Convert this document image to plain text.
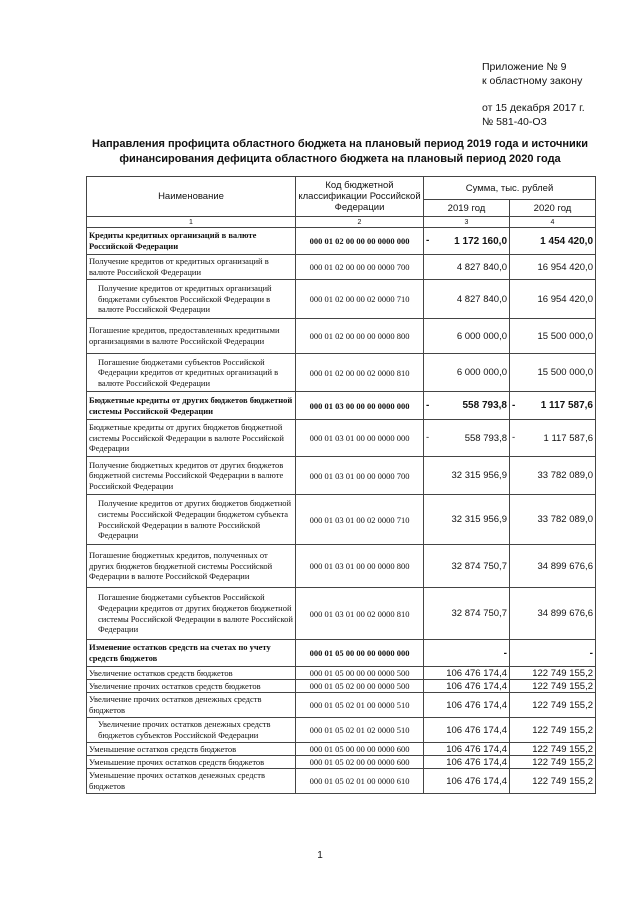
Приложение № 9
к областному закону
от 15 декабря 2017 г.
№ 581-40-ОЗ
Направления профицита областного бюджета на плановый период 2019 года и источники
финансирования дефицита областного бюджета на плановый период 2020 года
Наименование	Код бюджетной классификации Российской Федерации	Сумма, тыс. рублей	
		2019 год	2020 год
1	2	3	4
Кредиты кредитных организаций в валюте Российской Федерации	000 01 02 00 00 00 0000 000	- 1 172 160,0	1 454 420,0
Получение кредитов от кредитных организаций в валюте Российской Федерации	000 01 02 00 00 00 0000 700	4 827 840,0	16 954 420,0
Получение кредитов от кредитных организаций бюджетами субъектов Российской Федерации в валюте Российской Федерации	000 01 02 00 00 02 0000 710	4 827 840,0	16 954 420,0
Погашение кредитов, предоставленных кредитными организациями в валюте Российской Федерации	000 01 02 00 00 00 0000 800	6 000 000,0	15 500 000,0
Погашение бюджетами субъектов Российской Федерации кредитов от кредитных организаций в валюте Российской Федерации	000 01 02 00 00 02 0000 810	6 000 000,0	15 500 000,0
Бюджетные кредиты от других бюджетов бюджетной системы Российской Федерации	000 01 03 00 00 00 0000 000	- 558 793,8	- 1 117 587,6
Бюджетные кредиты от других бюджетов бюджетной системы Российской Федерации в валюте Российской Федерации	000 01 03 01 00 00 0000 000	- 558 793,8	- 1 117 587,6
Получение бюджетных кредитов от других бюджетов бюджетной системы Российской Федерации в валюте Российской Федерации	000 01 03 01 00 00 0000 700	32 315 956,9	33 782 089,0
Получение кредитов от других бюджетов бюджетной системы Российской Федерации бюджетом субъекта Российской Федерации в валюте Российской Федерации	000 01 03 01 00 02 0000 710	32 315 956,9	33 782 089,0
Погашение бюджетных кредитов, полученных от других бюджетов бюджетной системы Российской Федерации в валюте Российской Федерации	000 01 03 01 00 00 0000 800	32 874 750,7	34 899 676,6
Погашение бюджетами субъектов Российской Федерации кредитов от других бюджетов бюджетной системы Российской Федерации в валюте Российской Федерации	000 01 03 01 00 02 0000 810	32 874 750,7	34 899 676,6
Изменение остатков средств на счетах по учету средств бюджетов	000 01 05 00 00 00 0000 000	-	-
Увеличение остатков средств бюджетов	000 01 05 00 00 00 0000 500	106 476 174,4	122 749 155,2
Увеличение прочих остатков средств бюджетов	000 01 05 02 00 00 0000 500	106 476 174,4	122 749 155,2
Увеличение прочих остатков денежных средств бюджетов	000 01 05 02 01 00 0000 510	106 476 174,4	122 749 155,2
Увеличение прочих остатков денежных средств бюджетов субъектов Российской Федерации	000 01 05 02 01 02 0000 510	106 476 174,4	122 749 155,2
Уменьшение остатков средств бюджетов	000 01 05 00 00 00 0000 600	106 476 174,4	122 749 155,2
Уменьшение прочих остатков средств бюджетов	000 01 05 02 00 00 0000 600	106 476 174,4	122 749 155,2
Уменьшение прочих остатков денежных средств бюджетов	000 01 05 02 01 00 0000 610	106 476 174,4	122 749 155,2
1
